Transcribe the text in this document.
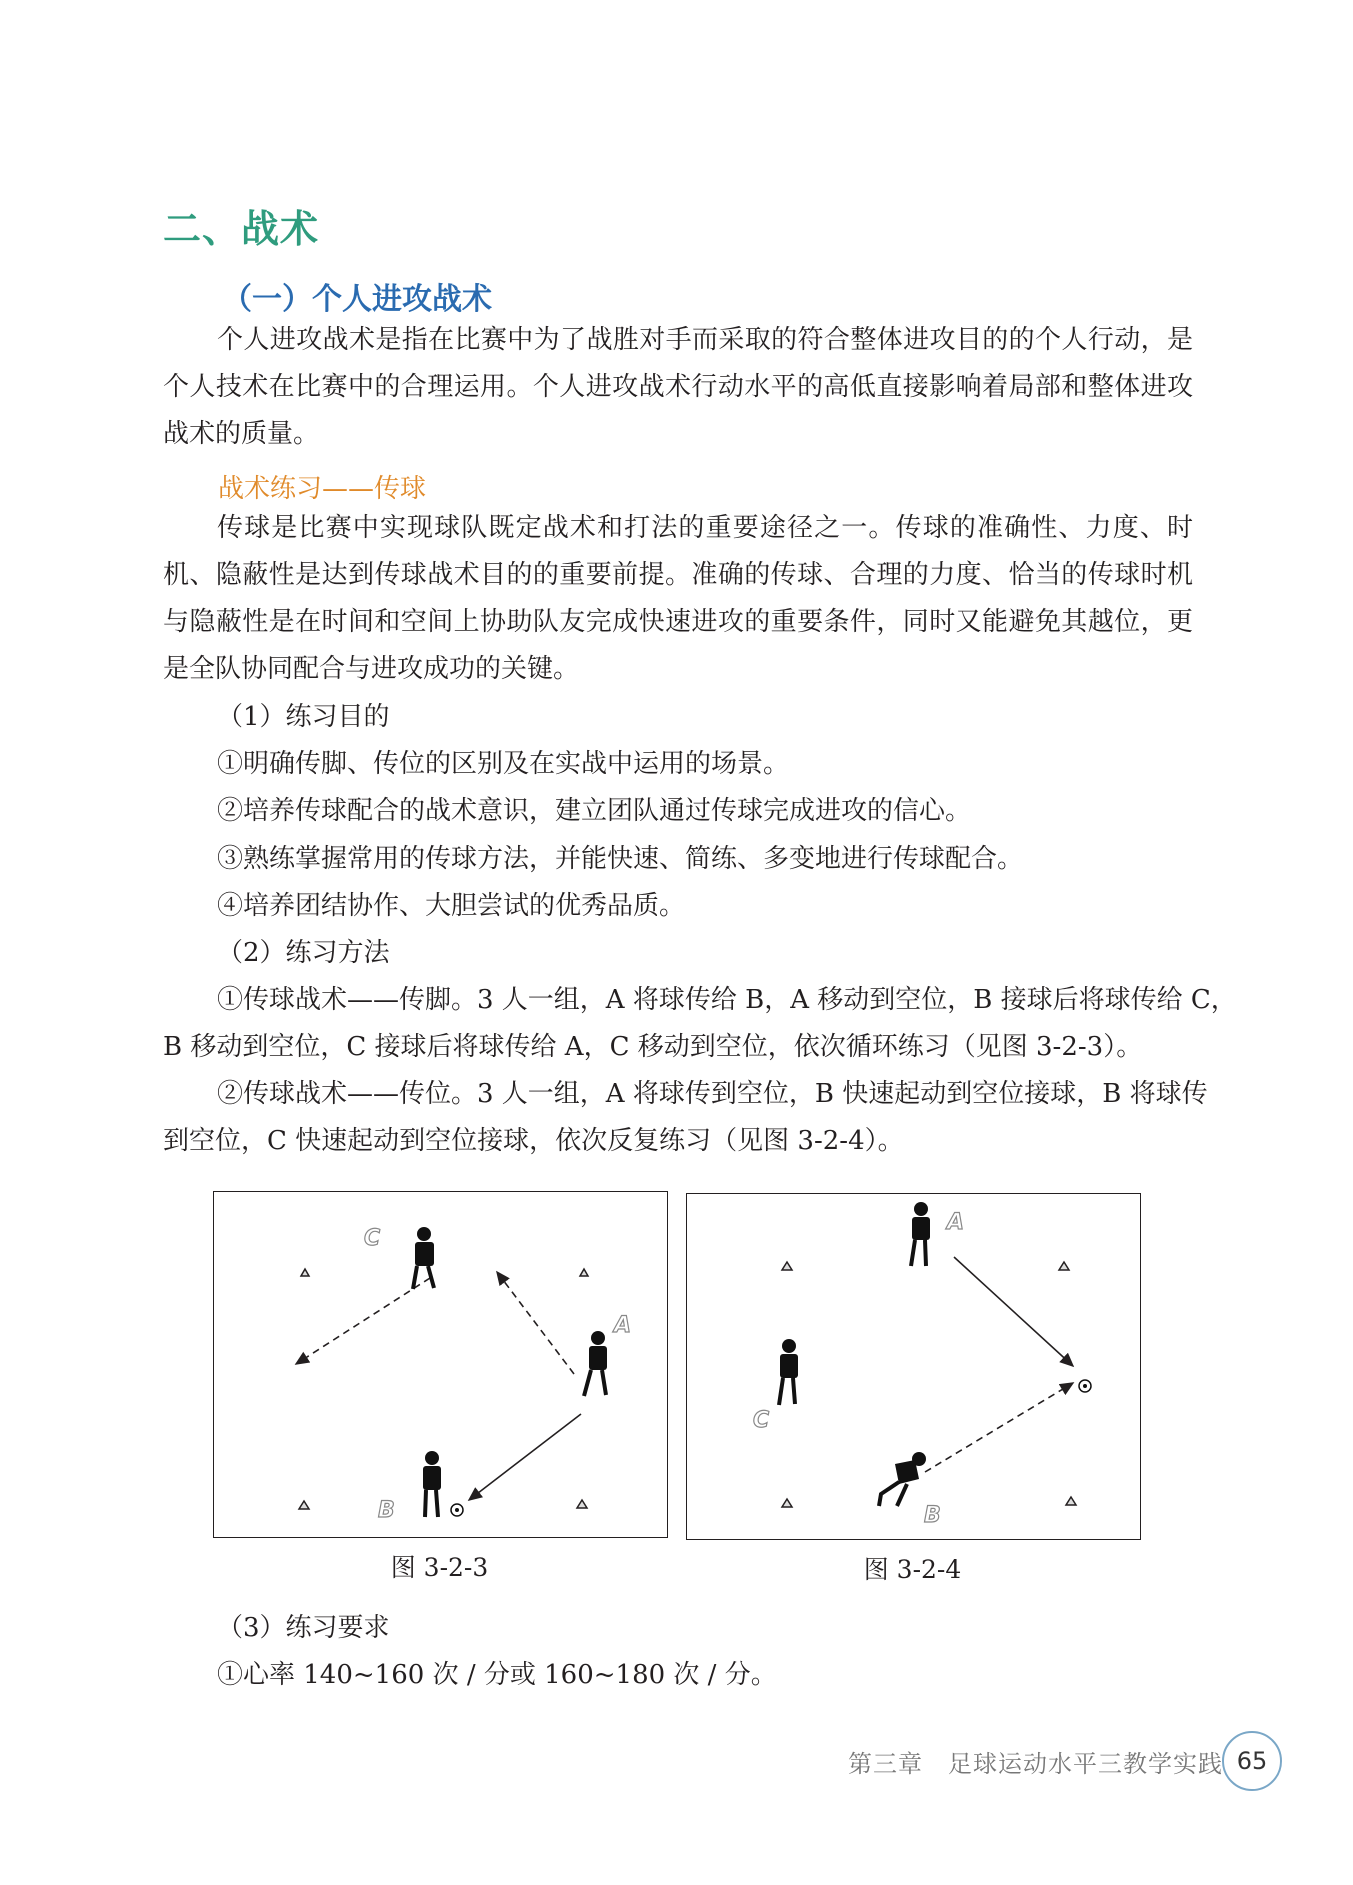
二、战术
（一）个人进攻战术
个人进攻战术是指在比赛中为了战胜对手而采取的符合整体进攻目的的个人行动，是个人技术在比赛中的合理运用。个人进攻战术行动水平的高低直接影响着局部和整体进攻战术的质量。
战术练习——传球
传球是比赛中实现球队既定战术和打法的重要途径之一。传球的准确性、力度、时机、隐蔽性是达到传球战术目的的重要前提。准确的传球、合理的力度、恰当的传球时机与隐蔽性是在时间和空间上协助队友完成快速进攻的重要条件，同时又能避免其越位，更是全队协同配合与进攻成功的关键。
（1）练习目的
①明确传脚、传位的区别及在实战中运用的场景。
②培养传球配合的战术意识，建立团队通过传球完成进攻的信心。
③熟练掌握常用的传球方法，并能快速、简练、多变地进行传球配合。
④培养团结协作、大胆尝试的优秀品质。
（2）练习方法
①传球战术——传脚。3 人一组，A 将球传给 B，A 移动到空位，B 接球后将球传给 C，
B 移动到空位，C 接球后将球传给 A，C 移动到空位，依次循环练习（见图 3-2-3）。
②传球战术——传位。3 人一组，A 将球传到空位，B 快速起动到空位接球，B 将球传
到空位，C 快速起动到空位接球，依次反复练习（见图 3-2-4）。
C
A
B
图 3-2-3
A
C
B
图 3-2-4
（3）练习要求
①心率 140~160 次 / 分或 160~180 次 / 分。
第三章　足球运动水平三教学实践 65
